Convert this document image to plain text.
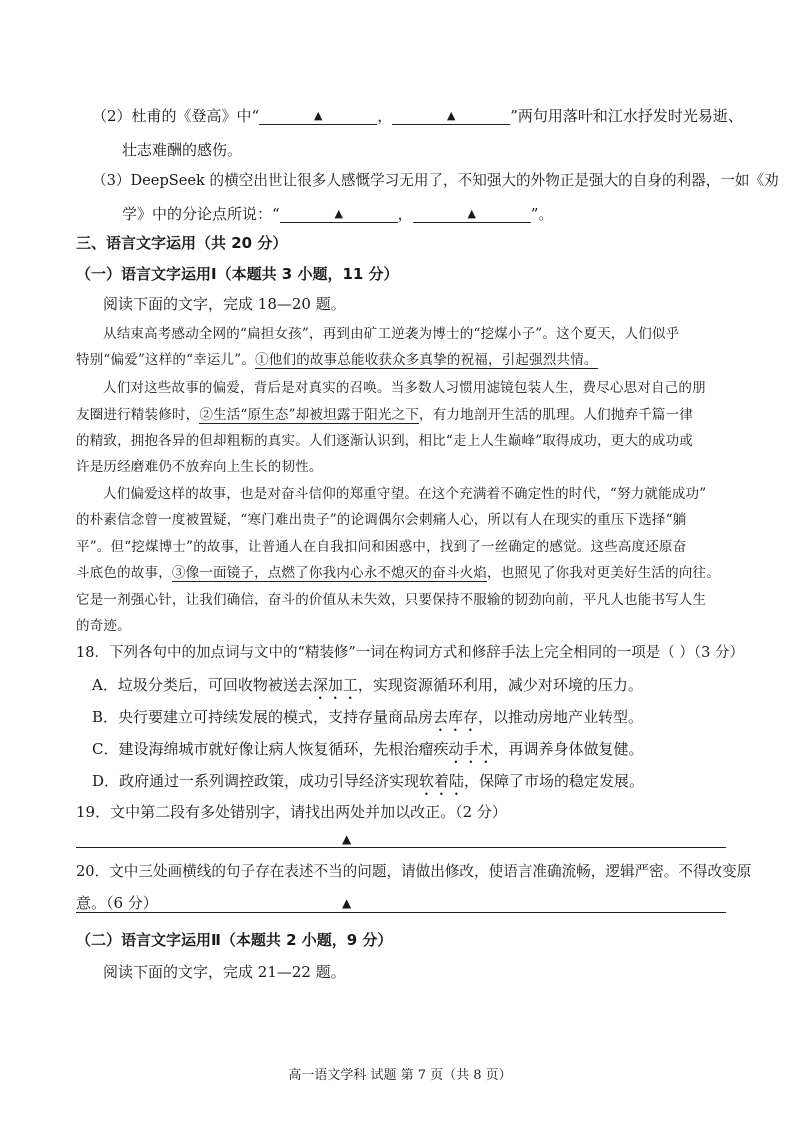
（2）杜甫的《登高》中“	▲	，	▲	”两句用落叶和江水抒发时光易逝、
壮志难酬的感伤。
（3）DeepSeek 的横空出世让很多人感慨学习无用了，不知强大的外物正是强大的自身的利器，一如《劝
学》中的分论点所说：“	▲	，	▲	”。
三、语言文字运用（共 20 分）
（一）语言文字运用Ⅰ（本题共 3 小题，11 分）
阅读下面的文字，完成 18—20 题。
从结束高考感动全网的“扁担女孩”，再到由矿工逆袭为博士的“挖煤小子”。这个夏天，人们似乎
特别“偏爱”这样的“幸运儿”。①他们的故事总能收获众多真挚的祝福，引起强烈共情。
人们对这些故事的偏爱，背后是对真实的召唤。当多数人习惯用滤镜包装人生，费尽心思对自己的朋
友圈进行精装修时，②生活“原生态”却被坦露于阳光之下，有力地剖开生活的肌理。人们抛弃千篇一律
的精致，拥抱各异的但却粗粝的真实。人们逐渐认识到，相比“走上人生巅峰”取得成功，更大的成功或
许是历经磨难仍不放弃向上生长的韧性。
人们偏爱这样的故事，也是对奋斗信仰的郑重守望。在这个充满着不确定性的时代，“努力就能成功”
的朴素信念曾一度被置疑，“寒门难出贵子”的论调偶尔会刺痛人心，所以有人在现实的重压下选择“躺
平”。但“挖煤博士”的故事，让普通人在自我扣问和困惑中，找到了一丝确定的感觉。这些高度还原奋
斗底色的故事，③像一面镜子，点燃了你我内心永不熄灭的奋斗火焰，也照见了你我对更美好生活的向往。
它是一剂强心针，让我们确信，奋斗的价值从未失效，只要保持不服输的韧劲向前，平凡人也能书写人生
的奇迹。
18．下列各句中的加点词与文中的“精装修”一词在构词方式和修辞手法上完全相同的一项是（ ）（3 分）
A．垃圾分类后，可回收物被送去深加工，实现资源循环利用，减少对环境的压力。
B．央行要建立可持续发展的模式，支持存量商品房去库存，以推动房地产业转型。
C．建设海绵城市就好像让病人恢复循环，先根治瘤疾动手术，再调养身体做复健。
D．政府通过一系列调控政策，成功引导经济实现软着陆，保障了市场的稳定发展。
19．文中第二段有多处错别字，请找出两处并加以改正。（2 分）
▲
20．文中三处画横线的句子存在表述不当的问题，请做出修改，使语言准确流畅，逻辑严密。不得改变原
意。（6 分）	▲
（二）语言文字运用Ⅱ（本题共 2 小题，9 分）
阅读下面的文字，完成 21—22 题。
高一语文学科 试题 第 7 页（共 8 页）
